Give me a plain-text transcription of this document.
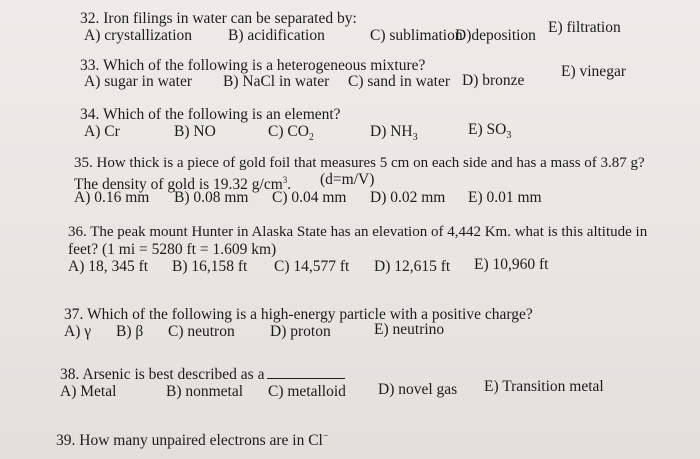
32. Iron filings in water can be separated by:
A) crystallization B) acidification	C) sublimation
D)deposition E) filtration
33. Which of the following is a heterogeneous mixture?
A) sugar in water B) NaCl in water C) sand in water D) bronze
E) vinegar
34. Which of the following is an element?
A) Cr	B) NO	C) $CO_2$	D) $NH_3$	E) $SO_3$
35. How thick is a piece of gold foil that measures 5 cm on each side and has a mass of 3.87 g?
The density of gold is 19.32 $g/cm^3$. (d=m/V)
A) 0.16 mm B) 0.08 mm C) 0.04 mm D) 0.02 mm E) 0.01 mm
36. The peak mount Hunter in Alaska State has an elevation of 4,442 Km. what is this altitude in
feet? (1 mi = 5280 ft = 1.609 km)
A) 18, 345 ft B) 16,158 ft C) 14,577 ft D) 12,615 ft E) 10,960 ft
37. Which of the following is a high-energy particle with a positive charge?
A) γ B) β C) neutron D) proton	E) neutrino
38. Arsenic is best described as a
A) Metal	B) nonmetal C) metalloid D) novel gas E) Transition metal
39. How many unpaired electrons are in Cl−
